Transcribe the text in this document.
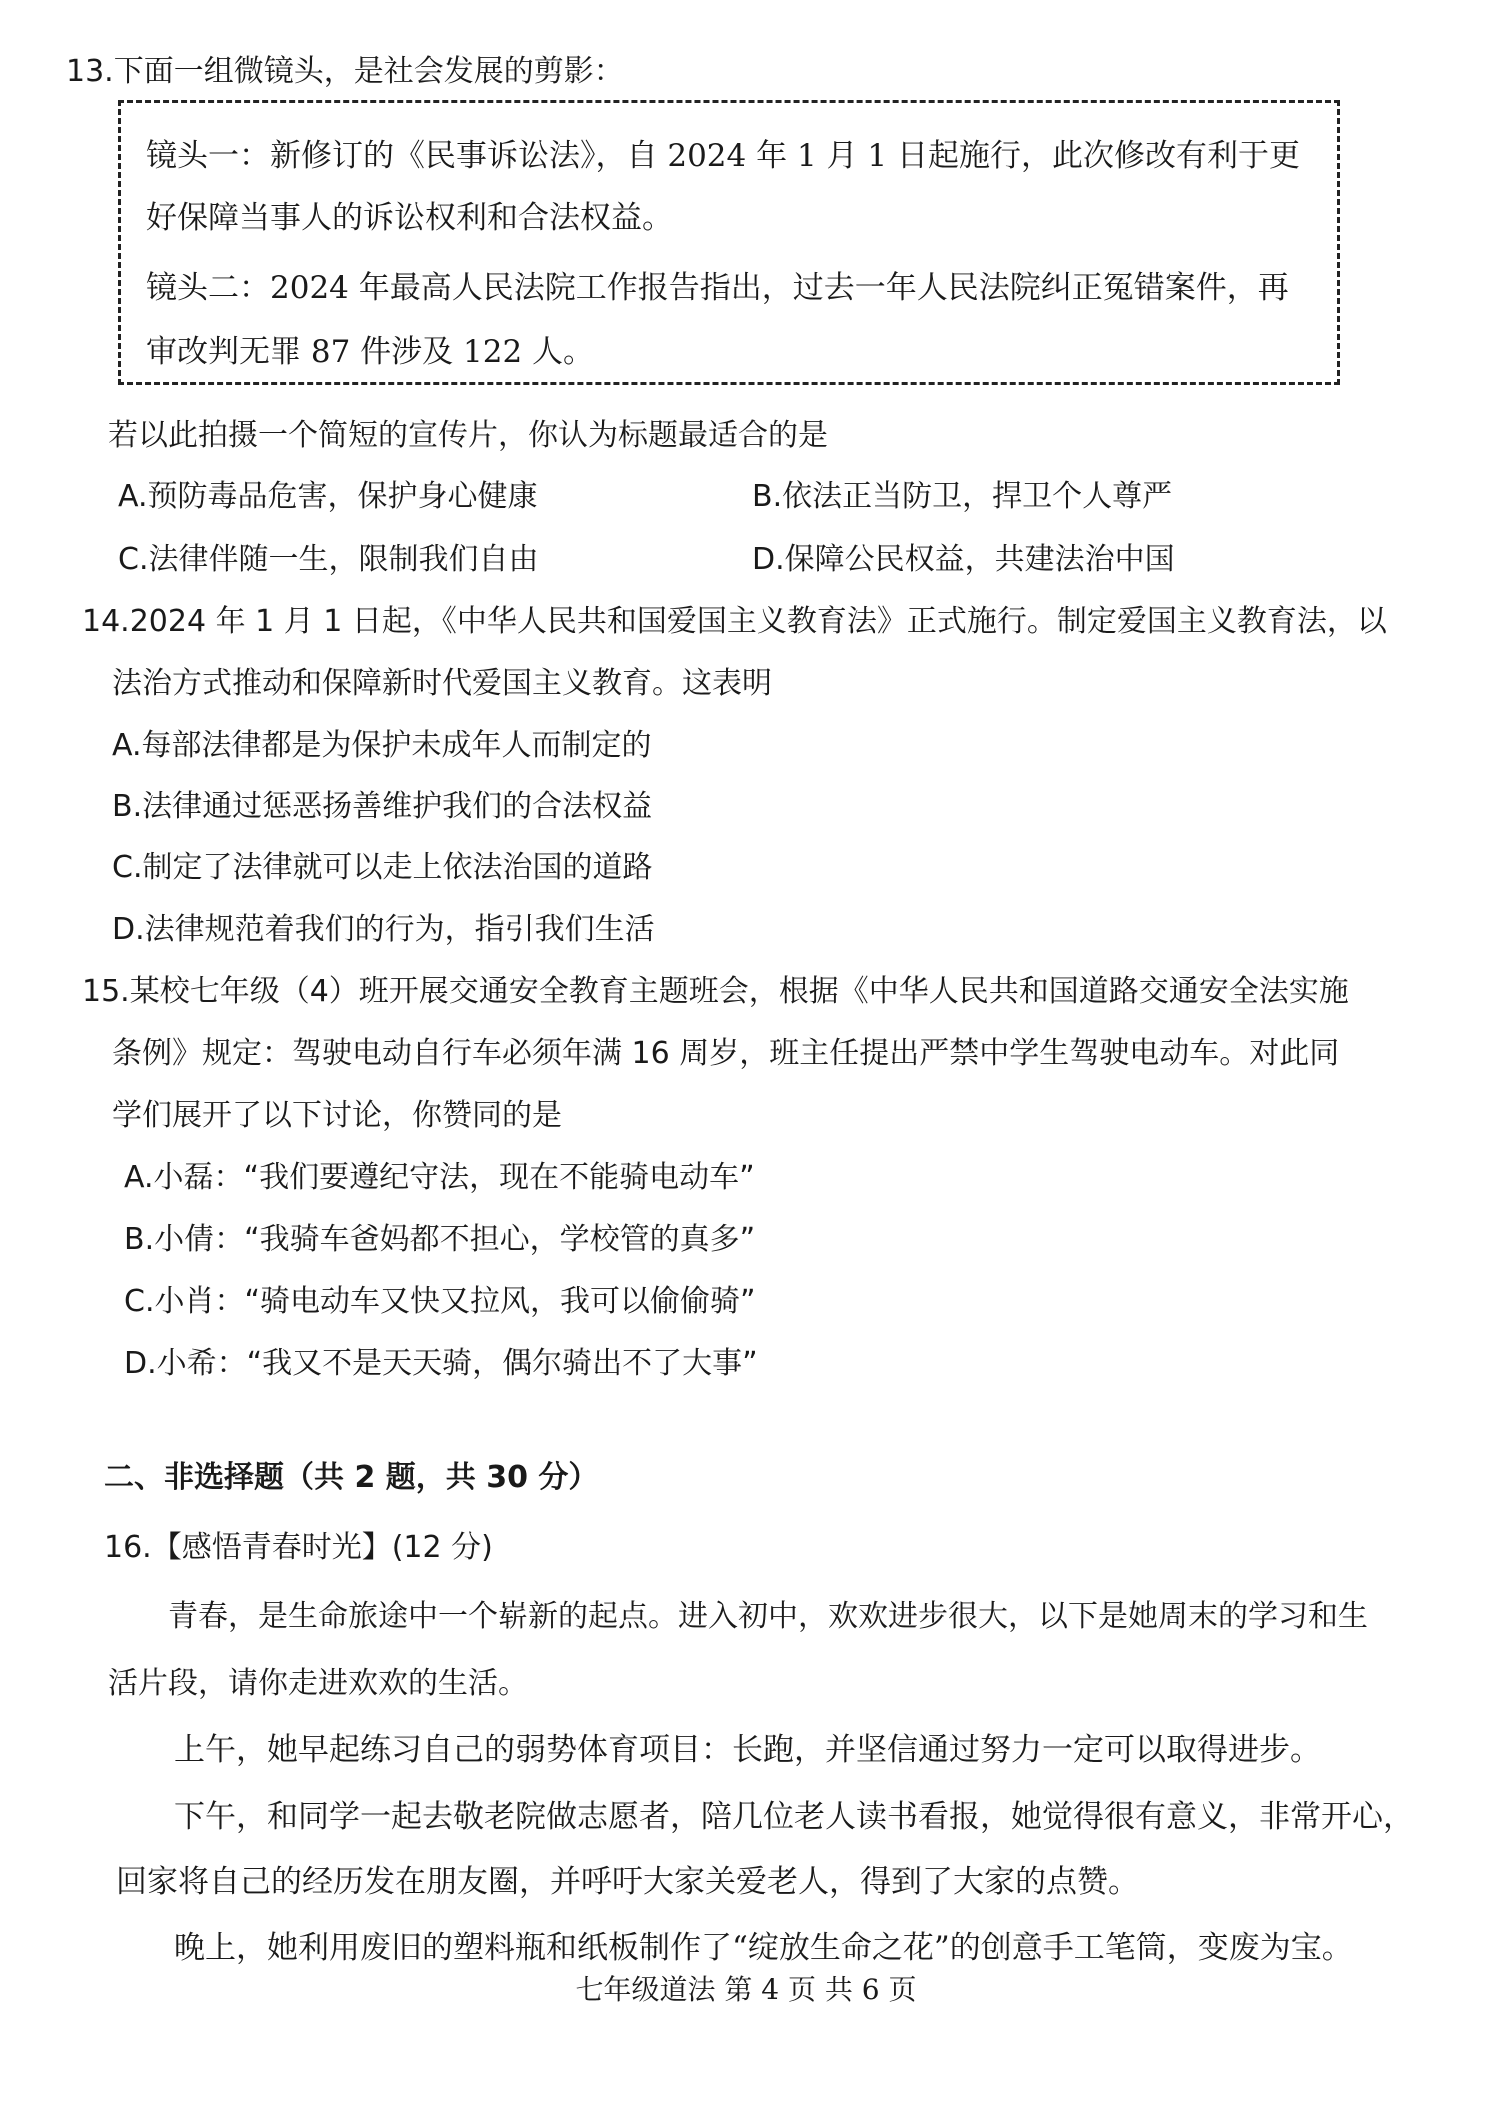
13.下面一组微镜头，是社会发展的剪影：
镜头一：新修订的《民事诉讼法》，自 2024 年 1 月 1 日起施行，此次修改有利于更
好保障当事人的诉讼权利和合法权益。
镜头二：2024 年最高人民法院工作报告指出，过去一年人民法院纠正冤错案件，再
审改判无罪 87 件涉及 122 人。
若以此拍摄一个简短的宣传片，你认为标题最适合的是
A.预防毒品危害，保护身心健康	B.依法正当防卫，捍卫个人尊严
C.法律伴随一生，限制我们自由	D.保障公民权益，共建法治中国
14.2024 年 1 月 1 日起，《中华人民共和国爱国主义教育法》正式施行。制定爱国主义教育法，以
法治方式推动和保障新时代爱国主义教育。这表明
A.每部法律都是为保护未成年人而制定的
B.法律通过惩恶扬善维护我们的合法权益
C.制定了法律就可以走上依法治国的道路
D.法律规范着我们的行为，指引我们生活
15.某校七年级（4）班开展交通安全教育主题班会，根据《中华人民共和国道路交通安全法实施
条例》规定：驾驶电动自行车必须年满 16 周岁，班主任提出严禁中学生驾驶电动车。对此同
学们展开了以下讨论，你赞同的是
A.小磊：“我们要遵纪守法，现在不能骑电动车”
B.小倩：“我骑车爸妈都不担心，学校管的真多”
C.小肖：“骑电动车又快又拉风，我可以偷偷骑”
D.小希：“我又不是天天骑，偶尔骑出不了大事”
二、非选择题（共 2 题，共 30 分）
16.【感悟青春时光】(12 分)
青春，是生命旅途中一个崭新的起点。进入初中，欢欢进步很大，以下是她周末的学习和生
活片段，请你走进欢欢的生活。
上午，她早起练习自己的弱势体育项目：长跑，并坚信通过努力一定可以取得进步。
下午，和同学一起去敬老院做志愿者，陪几位老人读书看报，她觉得很有意义，非常开心，
回家将自己的经历发在朋友圈，并呼吁大家关爱老人，得到了大家的点赞。
晚上，她利用废旧的塑料瓶和纸板制作了“绽放生命之花”的创意手工笔筒，变废为宝。
七年级道法 第 4 页 共 6 页
